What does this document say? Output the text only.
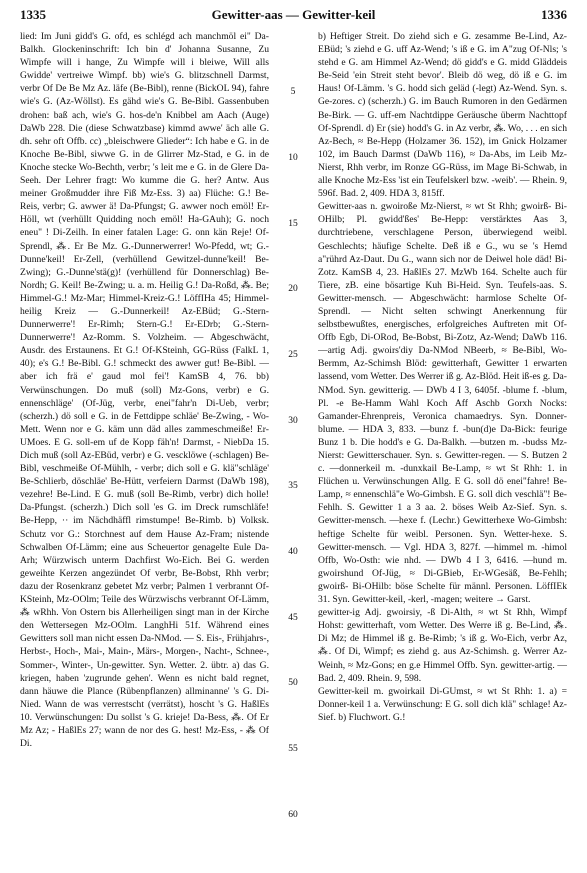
1335	Gewitter-aas — Gewitter-keil	1336

lied: Im Juni gidd's G. ofd, es schlégd ach manchmöl ei" Da-Balkh. Glockeninschrift: Ich bin d' Johanna Susanne, Zu Wimpfe will i hange, Zu Wimpfe will i bleiwe, Will alls Gwidde' vertreiwe Wimpf. bb) wie's G. blitzschnell Darmst, verbr Of De Be Mz Az. läfe (Be-Bibl), renne (BickOL 94), fahre wie's G. (Az-Wöllst). Es gähd wie's G. Be-Bibl. Gassenbuben drohen: baß ach, wie's G. hos-de'n Knibbel am Aach (Auge) DaWb 228. Die (diese Schwatzbase) kimmd awwe' äch alle G. dh. sehr oft Offb. cc) „bleischwere Glieder“: Ich habe e G. in de Knoche Be-Bibl, siwwe G. in de Glirrer Mz-Stad, e G. in de Knoche stecke Wo-Bechth, verbr; 's leit me e G. in de Glere Da-Seeh. Der Lehrer fragt: Wo kumme die G. her? Antw. Aus meiner Großmudder ihre Fiß Mz-Ess. 3) aa) Flüche: G.! Be-Reis, verbr; G. awwer ä! Da-Pfungst; G. awwer noch emöl! Er-Höll, wt (verhüllt Quidding noch emöl! Ha-GAuh); G. noch eneu" ! Di-Zeilh. In einer fatalen Lage: G. onn kän Reje! Of-Sprendl, ⁂. Er Be Mz. G.-Dunnerwerrer! Wo-Pfedd, wt; G.-Dunne'keil! Er-Zell, (verhüllend Gewitzel-dunne'keil! Be-Zwing); G.-Dunne'stä(g)! (verhüllend für Donnerschlag) Be-Nordh; G. Keil! Be-Zwing; u. a. m. Heilig G.! Da-Roßd, ⁂. Be; Himmel-G.! Mz-Mar; Himmel-Kreiz-G.! LöffIHa 45; Himmel-heilig Kreiz — G.-Dunnerkeil! Az-EBüd; G.-Stern-Dunnerwerre'! Er-Rimh; Stern-G.! Er-EDrb; G.-Stern-Dunnerwerre'! Az-Romm. S. Volzheim. — Abgeschwächt, Ausdr. des Erstaunens. Et G.! Of-KSteinh, GG-Rüss (FalkL 1, 40); e's G.! Be-Bibl. G.! schmeckt des awwer gut! Be-Bibl. — aber ich frä e' gaud mol fei'! KamSB 4, 76. bb) Verwünschungen. Do muß (soll) Mz-Gons, verbr) e G. ennenschläge' (Of-Jüg, verbr, enei"fahr'n Di-Ueb, verbr; (scherzh.) dö soll e G. in de Fettdippe schläe' Be-Zwing, - Wo-Mett. Wenn nor e G. käm unn däd alles zammeschmeiße! Er-UMoes. E G. soll-em uf de Kopp fäh'n! Darmst, - NiebDa 15. Dich muß (soll Az-EBüd, verbr) e G. vescklöwe (-schlagen) Be-Bibl, veschmeiße Of-Mühlh, - verbr; dich soll e G. klä"schläge' Be-Schlierb, döschläe' Be-Hütt, verfeiern Darmst (DaWb 198), vezehre! Be-Lind. E G. muß (soll Be-Rimb, verbr) dich holle! Da-Pfungst. (scherzh.) Dich soll 'es G. im Dreck rumschläfe! Be-Hepp, ·· im Nächdhäffl rimstumpe! Be-Rimb. b) Volksk. Schutz vor G.: Storchnest auf dem Hause Az-Fram; nistende Schwalben Of-Lämm; eine aus Scheuertor genagelte Eule Da-Arh; Würzwisch unterm Dachfirst Wo-Eich. Bei G. werden geweihte Kerzen angezündet Of verbr, Be-Bobst, Rhh verbr; dazu der Rosenkranz gebetet Mz verbr; Palmen 1 verbrannt Of-KSteinh, Mz-OOlm; Teile des Würzwischs verbrannt Of-Lämm, ⁂ wRhh. Von Ostern bis Allerheiligen singt man in der Kirche den Wettersegen Mz-OOlm. LanghHi 51f. Während eines Gewitters soll man nicht essen Da-NMod. — S. Eis-, Frühjahrs-, Herbst-, Hoch-, Mai-, Main-, Märs-, Morgen-, Nacht-, Schnee-, Sommer-, Winter-, Un-gewitter. Syn. Wetter. 2. übtr. a) das G. kriegen, haben 'zugrunde gehen'. Wenn es nicht bald regnet, dann häuwe die Plance (Rübenpflanzen) allminanne' 's G. Di-Nied. Wann de was verrestscht (verrätst), hoscht 's G. HaßlEs 10. Verwünschungen: Du sollst 's G. krieje! Da-Bess, ⁂. Of Er Mz Az; - HaßlEs 27; wann de nor des G. hest! Mz-Ess, - ⁂ Of Di.

5
10
15
20
25
30
35
40
45
50
55
60

b) Heftiger Streit. Do ziehd sich e G. zesamme Be-Lind, Az-EBüd; 's ziehd e G. uff Az-Wend; 's iß e G. im A"zug Of-Nls; 's stehd e G. am Himmel Az-Wend; dö gidd's e G. midd Gläddeis Be-Seid 'ein Streit steht bevor'. Bleib dö weg, dö iß e G. im Haus! Of-Lämm. 's G. hodd sich geläd (-legt) Az-Wend. Syn. s. Ge-zores. c) (scherzh.) G. im Bauch Rumoren in den Gedärmen Be-Birk. — G. uff-em Nachtdippe Geräusche überm Nachttopf Of-Sprendl. d) Er (sie) hodd's G. in Az verbr, ⁂. Wo, . . . en sich Az-Bech, ≈ Be-Hepp (Holzamer 36. 152), im Gnick Holzamer 102, im Bauch Darmst (DaWb 116), ≈ Da-Abs, im Leib Mz-Nierst, Rhh verbr, im Ronze GG-Rüss, im Mage Bi-Schwab, in alle Knoche Mz-Ess 'ist ein Teufelskerl bzw. -weib'. — Rhein. 9, 596f. Bad. 2, 409. HDA 3, 815ff.

Gewitter-aas n. gwoiroße Mz-Nierst, ≈ wt St Rhh; gwoirß- Bi-OHilb; Pl. gwidd'ßes' Be-Hepp: verstärktes Aas 3, durchtriebene, verschlagene Person, überwiegend weibl. Geschlechts; häufige Schelte. Deß iß e G., wu se 's Hemd a"rührd Az-Daut. Du G., wann sich nor de Deiwel hole däd! Bi-Zotz. KamSB 4, 23. HaßlEs 27. MzWb 164. Schelte auch für Tiere, zB. eine bösartige Kuh Bi-Heid. Syn. Teufels-aas. S. Gewitter-mensch. — Abgeschwächt: harmlose Schelte Of-Sprendl. — Nicht selten schwingt Anerkennung für selbstbewußtes, energisches, erfolgreiches Auftreten mit Of-Offb Egb, Di-ORod, Be-Bobst, Bi-Zotz, Az-Wend; DaWb 116. —artig Adj. gwoirs'diy Da-NMod NBeerb, ≈ Be-Bibl, Wo-Bermm, Az-Schimsh Blöd: gewitterhaft, Gewitter 1 erwarten lassend, vom Wetter. Des Werrer iß g. Az-Blöd. Heit iß-es g. Da-NMod. Syn. gewitterig. — DWb 4 I 3, 6405f. -blume f. -blum, Pl. -e Be-Hamm Wahl Koch Aff Aschb Gorxh Nocks: Gamander-Ehrenpreis, Veronica chamaedrys. Syn. Donner-blume. — HDA 3, 833. —bunz f. -bun(d)e Da-Bick: feurige Bunz 1 b. Die hodd's e G. Da-Balkh. —butzen m. -budss Mz-Nierst: Gewitterschauer. Syn. s. Gewitter-regen. — S. Butzen 2 c. —donnerkeil m. -dunxkail Be-Lamp, ≈ wt St Rhh: 1. in Flüchen u. Verwünschungen Allg. E G. soll dö enei"fahre! Be-Lamp, ≈ ennenschlä"e Wo-Gimbsh. E G. soll dich veschlä"! Be-Fehlh. S. Gewitter 1 a 3 aa. 2. böses Weib Az-Sief. Syn. s. Gewitter-mensch. —hexe f. (Lechr.) Gewitterhexe Wo-Gimbsh: heftige Schelte für weibl. Personen. Syn. Wetter-hexe. S. Gewitter-mensch. — Vgl. HDA 3, 827f. —himmel m. -himol Offb, Wo-Osth: wie nhd. — DWb 4 I 3, 6416. —hund m. gwoirshund Of-Jüg, ≈ Di-GBieb, Er-WGesäß, Be-Fehlh; gwoirß- Bi-OHilb: böse Schelte für männl. Personen. LöffIEk 31. Syn. Gewitter-keil, -kerl, -magen; weitere → Garst.

gewitter-ig Adj. gwoirsiy, -ß Di-Alth, ≈ wt St Rhh, Wimpf Hohst: gewitterhaft, vom Wetter. Des Werre iß g. Be-Lind, ⁂. Di Mz; de Himmel iß g. Be-Rimb; 's iß g. Wo-Eich, verbr Az, ⁂. Of Di, Wimpf; es ziehd g. aus Az-Schimsh. g. Werrer Az-Weinh, ≈ Mz-Gons; en g.e Himmel Offb. Syn. gewitter-artig. — Bad. 2, 409. Rhein. 9, 598.

Gewitter-keil m. gwoirkail Di-GUmst, ≈ wt St Rhh: 1. a) = Donner-keil 1 a. Verwünschung: E G. soll dich klä" schlage! Az-Sief. b) Fluchwort. G.!
